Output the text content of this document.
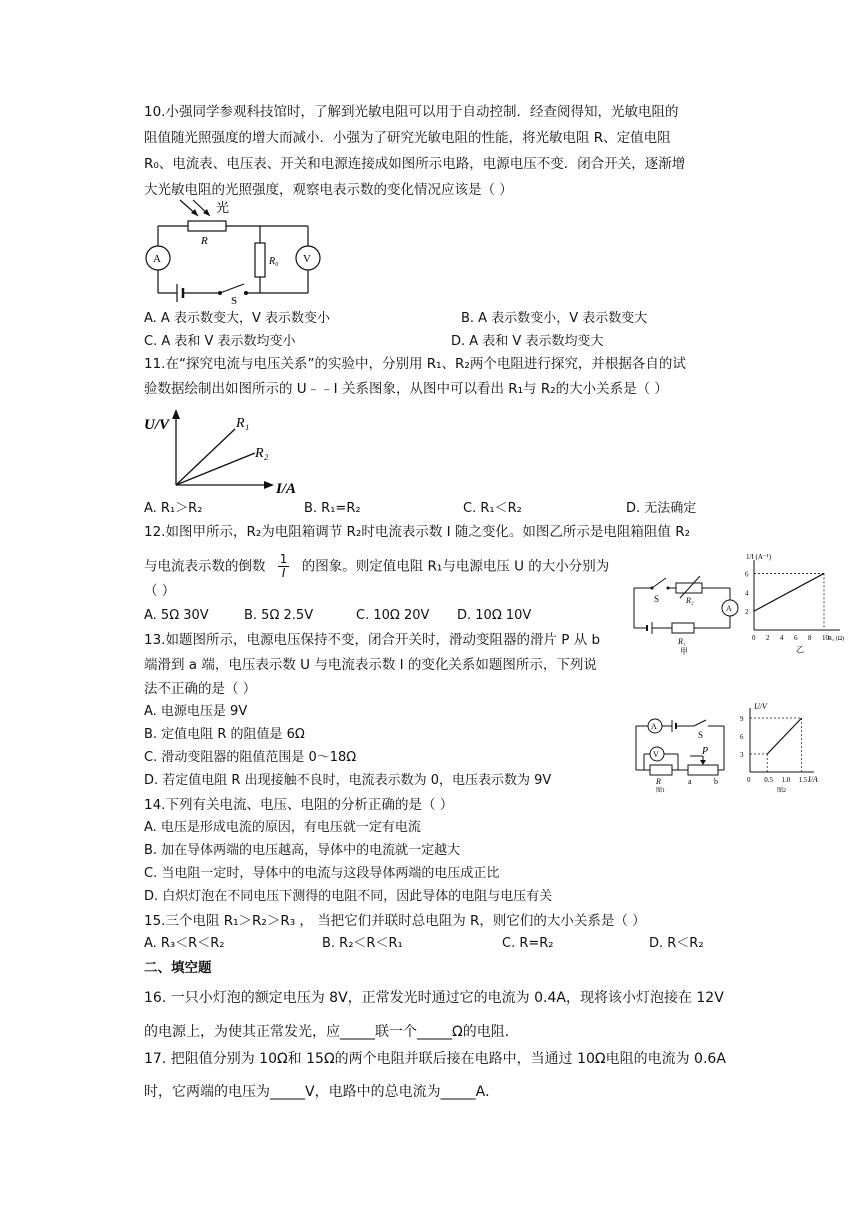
10.小强同学参观科技馆时，了解到光敏电阻可以用于自动控制．经查阅得知，光敏电阻的
阻值随光照强度的增大而减小．小强为了研究光敏电阻的性能，将光敏电阻 R、定值电阻
R₀、电流表、电压表、开关和电源连接成如图所示电路，电源电压不变．闭合开关，逐渐增
大光敏电阻的光照强度，观察电表示数的变化情况应该是（ ）
光
R
A	V
R₀
S
A. A 表示数变大，V 表示数变小	B. A 表示数变小，V 表示数变大
C. A 表和 V 表示数均变小	D. A 表和 V 表示数均变大
11.在“探究电流与电压关系”的实验中，分别用 R₁、R₂两个电阻进行探究，并根据各自的试
验数据绘制出如图所示的 U﹣﹣I 关系图象，从图中可以看出 R₁与 R₂的大小关系是（ ）
U/V
I/A
R₁
R₂
A. R₁＞R₂	B. R₁=R₂	C. R₁＜R₂	D. 无法确定
12.如图甲所示，R₂为电阻箱调节 R₂时电流表示数 I 随之变化。如图乙所示是电阻箱阻值 R₂
与电流表示数的倒数 $\frac{1}{I}$ 的图象。则定值电阻 R₁与电源电压 U 的大小分别为
（ ）
A. 5Ω 30V	B. 5Ω 2.5V	C. 10Ω 20V D. 10Ω 10V
S	R₂
A
R₁
甲
1/I (A⁻¹)
R₂ (Ω)
2
4
6
0 2 4 6 8 10
乙
13.如题图所示，电源电压保持不变，闭合开关时，滑动变阻器的滑片 P 从 b
端滑到 a 端，电压表示数 U 与电流表示数 I 的变化关系如题图所示，下列说
法不正确的是（ ）
A. 电源电压是 9V
B. 定值电阻 R 的阻值是 6Ω
C. 滑动变阻器的阻值范围是 0～18Ω
D. 若定值电阻 R 出现接触不良时，电流表示数为 0，电压表示数为 9V
A
V
S
P
R	a	b
图1
U/V
I/A
3
6
9
0 0.5 1.0 1.5
图2
14.下列有关电流、电压、电阻的分析正确的是（ ）
A. 电压是形成电流的原因，有电压就一定有电流
B. 加在导体两端的电压越高，导体中的电流就一定越大
C. 当电阻一定时，导体中的电流与这段导体两端的电压成正比
D. 白炽灯泡在不同电压下测得的电阻不同，因此导体的电阻与电压有关
15.三个电阻 R₁＞R₂＞R₃ ， 当把它们并联时总电阻为 R，则它们的大小关系是（ ）
A. R₃＜R＜R₂	B. R₂＜R＜R₁	C. R=R₂	D. R＜R₂
二、填空题
16. 一只小灯泡的额定电压为 8V，正常发光时通过它的电流为 0.4A，现将该小灯泡接在 12V
的电源上，为使其正常发光，应_____联一个_____Ω的电阻．
17. 把阻值分别为 10Ω和 15Ω的两个电阻并联后接在电路中，当通过 10Ω电阻的电流为 0.6A
时，它两端的电压为_____V，电路中的总电流为_____A．
